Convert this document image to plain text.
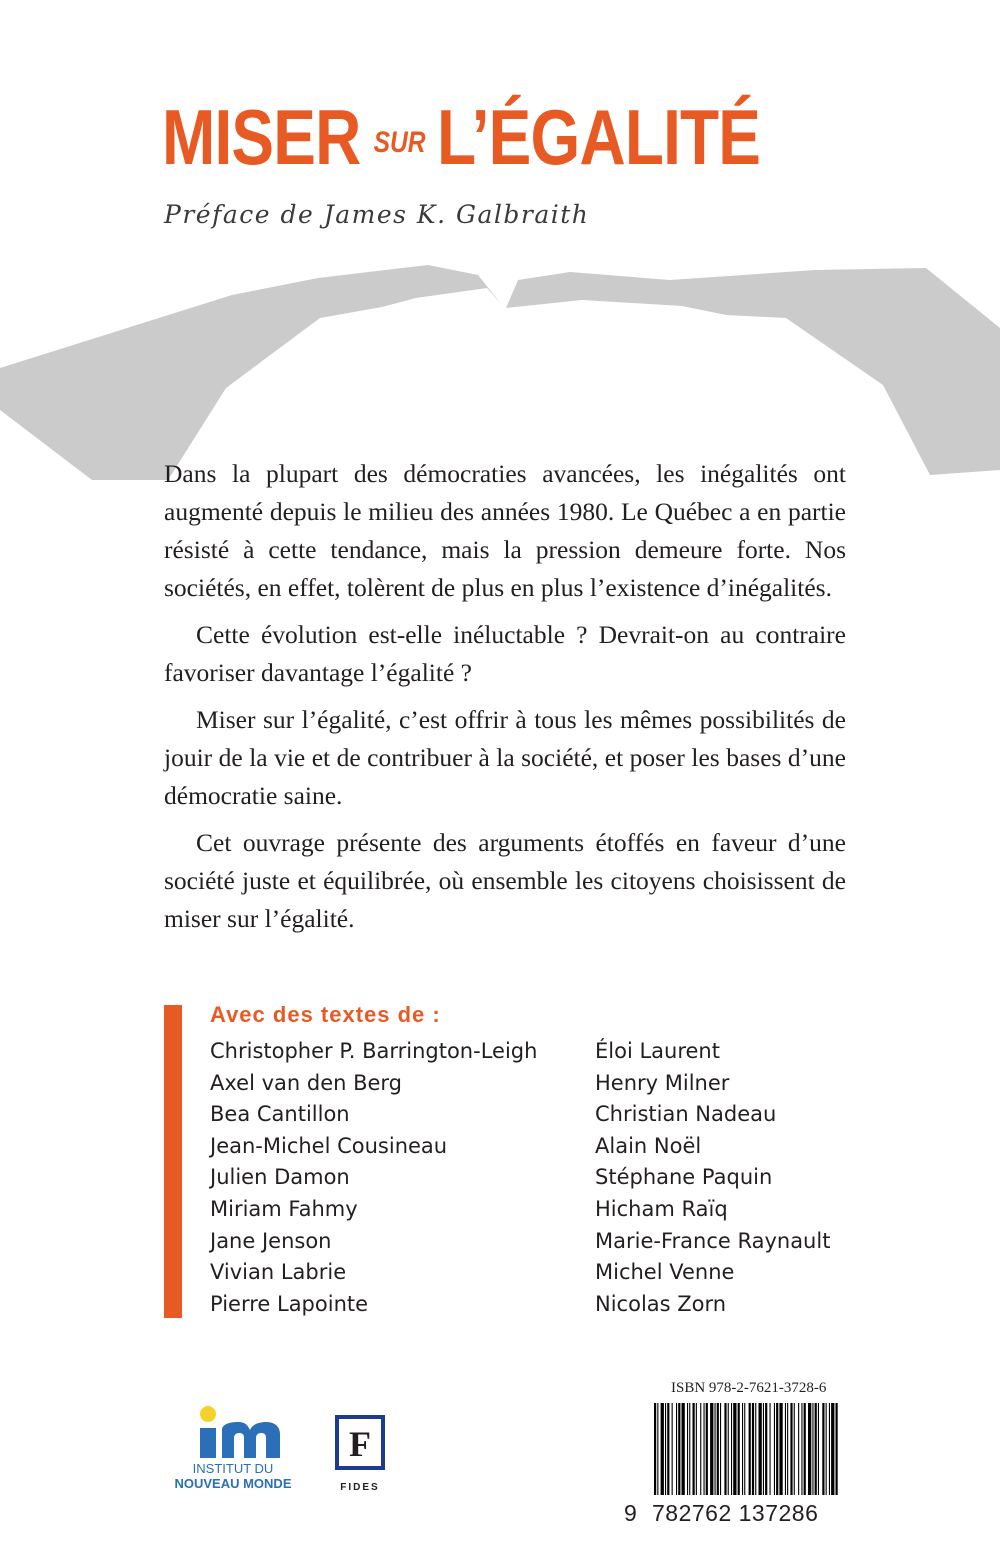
MISER SUR L’ÉGALITÉ

Préface de James K. Galbraith

Dans la plupart des démocraties avancées, les inégalités ont augmenté depuis le milieu des années 1980. Le Québec a en partie résisté à cette tendance, mais la pression demeure forte. Nos sociétés, en effet, tolèrent de plus en plus l’existence d’inégalités.

Cette évolution est-elle inéluctable ? Devrait-on au contraire favoriser davantage l’égalité ?

Miser sur l’égalité, c’est offrir à tous les mêmes possibilités de jouir de la vie et de contribuer à la société, et poser les bases d’une démocratie saine.

Cet ouvrage présente des arguments étoffés en faveur d’une société juste et équilibrée, où ensemble les citoyens choisissent de miser sur l’égalité.

Avec des textes de :

Christopher P. Barrington-Leigh
Axel van den Berg
Bea Cantillon
Jean-Michel Cousineau
Julien Damon
Miriam Fahmy
Jane Jenson
Vivian Labrie
Pierre Lapointe
Éloi Laurent
Henry Milner
Christian Nadeau
Alain Noël
Stéphane Paquin
Hicham Raïq
Marie-France Raynault
Michel Venne
Nicolas Zorn

INSTITUT DU

NOUVEAU MONDE

F

FIDES

ISBN 978-2-7621-3728-6

9 782762 137286
